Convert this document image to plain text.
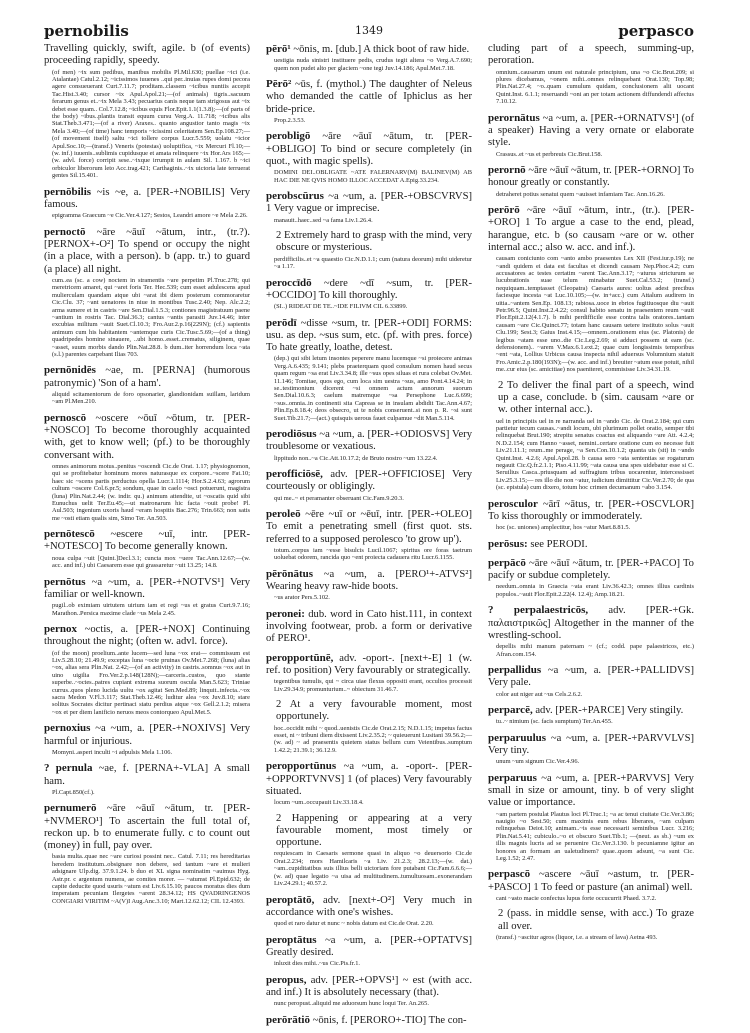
pernobilis	1349	perpasco

Travelling quickly, swift, agile. b (of events) proceeding rapidly, speedy.

(of men) ~ix sum pedibus, manibus mobilis Pl.Mil.630; puellae ~ici (i.e. Atalantae) Catul.2.12; ~icissimos iuuenes ..qui per..inuias rupes domi pecora agere consueuerant Curt.7.11.7; proditam..classem ~icibus nuntiis accepit Tac.Hist.3.40; cursor ~ix Apul.Apol.21;—(of animals) tigris..sacuum ferarum genus et..~ix Mela 3.43; pecuarius canis neque tam strigosus aut ~ix debet esse quam.. Col.7.12.8; ~icibus equis Flor.Epit.1.1(1.3.8);—(of parts of the body) ~ibus..plantis transit equum cursu Verg.A. 11.718; ~icibus alis Stat.Theb.3.471;—(of a river) Araxes.. quanto angustior tanto magis ~ix Mela 3.40;—(of time) hanc temporis ~icissimi celeritatem Sen.Ep.108.27;—(of movement itself) saltu ~ici tollere corpus Lucr.5.559; uolatu ~icior Apul.Soc.10;—(transf.) Veneris (potestas) uoluptifica, ~ix Mercuri Fl.10;—(w. inf.) iuuenis..sublimis cupidusque et amata relinquere ~ix Hor.Ars 165;—(w. advl. force) corripit sese..~ixque irrumpit in aulam Sil. 1.167. b ~ici orbiculor liberorum leto Acc.trag.421; Carthaginis..~ix uictoria late terruerat gentes Sil.15.401.

pernōbilis ~is ~e, a. [PER-+NOBILIS] Very famous.

epigramma Graecum ~e Cic.Ver.4.127; Sestos, Leandri amore ~e Mela 2.26.

pernoctō ~āre ~āuī ~ātum, intr., (tr.?). [PERNOX+-O²] To spend or occupy the night (in a place, with a person). b (app. tr.) to guard (a place) all night.

cum..ea (sc. a cow) noctem in stramentis ~are perpetim Pl.Truc.278; qui meretricem amaret, qui ~aret foris Ter. Hec.539; cum esset adulescens apud mulierculam quandam atque ubi ~arat ibi diem posterum commoraretur Cic.Clu. 37; ~ant uenatores in niue in montibus Tusc.2.40; Nep. Alc.2.2; arma sumere et in castris ~are Sen.Dial.1.5.3; contiones magistratuum paene ~antium in rostris Tac. Dial.36.3; cantus ~antis parasiti Juv.14.46; inter excubias militum ~auit Suet.Cl.10.3; Fro.Aur.2.p.16(229N); (cf.) sapientis animum cum his habitantem ~antemque curis Cic.Tusc.5.69;—(of a thing) quadripedes homine sinauere, ..ubi homo..esset..crematus, siliginem, quae ~asset, suum morbis dando Plin.Nat.28.8. b dum..iter horrendum loca ~ata (s.l.) parentes carpebant Ilias 703.

pernōnidēs ~ae, m. [PERNA] (humorous patronymic) 'Son of a ham'.

aliquid scitamentorum de foro opsonarier, glandionidam suillam, laridum ~am Pl.Men.210.

pernoscō ~oscere ~ōuī ~ōtum, tr. [PER-+NOSCO] To become thoroughly acquainted with, get to know well; (pf.) to be thoroughly conversant with.

omnes animorum motus..penitus ~oscendi Cic.de Orat. 1.17; physiognomon, qui se profitebatur hominum mores naturasque ex corpore..~scere Fat.10; haec sic ~scens partis perductus opella Lucr.1.1114; Hor.S.2.4.63; agrorum cultum ~oscere Col.6.pr.5; sondum, quae in caelo ~osci potuerunt, magistra (luna) Plin.Nat.2.44; (w. indir. qu.) animum attendite, ut ~oscatis quid sibi Eunuchus uelit Ter.Eu.45;—ut matronarum hic facta ~ouit probe! Pl. Aul.503; ingenium uxoris haud ~eram hospitis Bac.276; Trin.663; non satis me ~osti etiam qualis sim, Simo Ter. An.503.

pernōtescō ~escere ~uī, intr. [PER-+NOTESCO] To become generally known.

noua culpa ~uit [Quint.]Decl.3.1; cuncta mox ~uere Tac.Ann.12.67;—(w. acc. and inf.) ubi Caesarem esse qui grassaretur ~uit 13.25; 14.8.

pernōtus ~a ~um, a. [PER-+NOTVS¹] Very familiar or well-known.

pugil..ob eximiam uirtutem uirium iam et regi ~us et gratus Curt.9.7.16; Marathon..Persica maxime clade ~us Mela 2.45.

pernox ~octis, a. [PER-+NOX] Continuing throughout the night; (often w. advl. force).

(of the moon) proelium..ante lucem—sed luna ~ox erat— commissum est Liv.5.28.10; 21.49.9; exceptas luna ~octe pruinas Ov.Met.7.268; (luna) alias ~ox, alias sera Plin.Nat. 2.42;—(of an activity) in castris..somnus ~ox aut in uino uigilia Fro.Ver.2.p.148(128N);—carceris..custos, quo stante superbe..~octes..patres cupiant extrema suorum oscula Man.5.623; Triniae currus..quos pleno lucida uultu ~ox agitat Sen.Med.89; linquit..infecta..~ox sacra Medon V.Fl.3.117; Stat.Theb.12.46; luditur alea ~ox Juv.8.10; stare solitus Socrates dicitur pertinaci statu perdius atque ~ox Gell.2.1.2; misera ~ox et per diem lanificio neruos meos contorqueo Apul.Met.5.

pernoxius ~a ~um, a. [PER-+NOXIVS] Very harmful or injurious.

Momyni..asperi inculti ~i adpulsis Mela 1.106.

? pernula ~ae, f. [PERNA+-VLA] A small ham.

Pl.Capt.850(cf.).

pernumerō ~āre ~āuī ~ātum, tr. [PER-+NVMERO¹] To ascertain the full total of, reckon up. b to enumerate fully. c to count out (money) in full, pay over.

basia multa..quae nec ~are curiosi possint nec.. Catul. 7.11; res hereditarias heredem institutum..obsignare non debere, sed tantum ~are et mulieri adsignare Ulp.dig. 37.9.1.24. b duo et XL signa nominatim ~auimus Hyg. Astr.pr. c argentum numera, ae comites morer. — ~atumst Pl.Epid.632; de capite deducite quod usuris ~atum est Liv.6.15.10; paucos moratus dies dum imperatam pecuniam Ilergetes ~arent 28.34.12; HS QVADRINGENOS CONGIARI VIRITIM ~A(V)I Aug.Anc.3.10; Mart.12.62.12; CIL 12.4393.

pērō¹ ~ōnis, m. [dub.] A thick boot of raw hide.

uestigia nuda sinistri instituere pedis, crudus tegit altera ~o Verg.A.7.690; quem non pudet alto per glaciem ~one tegi Juv.14.186; Apul.Met.7.18.

Pērō² ~ūs, f. (mythol.) The daughter of Neleus who demanded the cattle of Iphiclus as her bride-price.

Prop.2.3.53.

perobligō ~āre ~āuī ~ātum, tr. [PER-+OBLIGO] To bind or secure completely (in quot., with magic spells).

DOMINI DEI..OBLIGATE ~ATE FALERNARV(M) BALINEV(M) AB HAC DIE NE QVIS HOMO ILLOC ACCEDAT A.Epig.33.234.

perobscūrus ~a ~um, a. [PER-+OBSCVRVS] 1 Very vague or imprecise.

manauit..haec..sed ~a fama Liv.1.26.4.

2 Extremely hard to grasp with the mind, very obscure or mysterious.

perdifficilis..et ~a quaestio Cic.N.D.1.1; cum (natura deorum) mihi uideretur ~a 1.17.

peroccīdō ~dere ~dī ~sum, tr. [PER-+OCCIDO] To kill thoroughly.

(SI..) RIDEAT DE TE..~IDE FILIVM CIL 6.33899.

perōdī ~disse ~sum, tr. [PER-+ODI] FORMS: usu. as dep. ~sus sum, etc. (pf. with pres. force) To hate greatly, loathe, detest.

(dep.) qui sibi letum insontes peperere manu lucemque ~si proiecere animas Verg.A.6.435; 9.141; plebs praeterquam quod consulum nomen haud secus quam regum ~sa erat Liv.3.34.8; ille ~sus opes siluas et rura colebat Ov.Met. 11.146; Tomitae, quos ego, cum loca sim uestra ~sus, amo Pont.4.14.24; in se..testimonium dicerent ~si omnem actum annorum suorum Sen.Dial.10.6.3; caelum matremque ~sa Persephone Luc.6.699; ~sus..omnia..in continenti sita Capreas se in insulam abdidit Tac.Ann.4.67; Plin.Ep.8.18.4; deos obsecro, ut te nobis conseruent..si non p. R. ~si sunt Suet.Tib.21.7;—(act.) quisquis uerous fauet culpamue ~dit Man.5.114.

perodiōsus ~a ~um, a. [PER-+ODIOSVS] Very troublesome or vexatious.

lippitudo non..~a Cic.Att.10.17.2; de Bruto nostro ~um 13.22.4.

perofficiōsē, adv. [PER-+OFFICIOSE] Very courteously or obligingly.

qui me..~ et peramanter obseruant Cic.Fam.9.20.3.

peroleō ~ēre ~uī or ~ēuī, intr. [PER-+OLEO] To emit a penetrating smell (first quot. sts. referred to a supposed perolesco 'to grow up').

totum..corpus iam ~esse bisulcis Lucil.1067; spiritus ore foras taetrum uoluebat odorem, rancida quo ~ent proiecta cadauera ritu Lucr.6.1155.

pērōnātus ~a ~um, a. [PERO¹+-ATVS²] Wearing heavy raw-hide boots.

~us arator Pers.5.102.

peronei: dub. word in Cato hist.111, in context involving footwear, prob. a form or derivative of PERO¹.

peropportūnē, adv. -oport-. [next+-E] 1 (w. ref. to position) Very favourably or strategically.

tegentibus tumulis, qui ~ circa uiae flexus oppositi erant, occultos processit Liv.29.34.9; promunturium..~ obiectum 31.46.7.

2 At a very favourable moment, most opportunely.

hoc..occidit mihi ~ quod..uenistis Cic.de Orat.2.15; N.D.1.15; impetus factus esset, ni ~ tribuni diem dixissent Liv.2.35.2; ~ quieuerunt Lusitani 39.56.2;—(w. ad) ~ ad praesentis quietem status bellum cum Veientibus..sumptum 1.42.2; 21.39.1; 36.12.9.

peropportūnus ~a ~um, a. -oport-. [PER-+OPPORTVNVS] 1 (of places) Very favourably situated.

locum ~um..occupauit Liv.33.18.4.

2 Happening or appearing at a very favourable moment, most timely or opportune.

requiescam in Caesaris sermone quasi in aliquo ~o deuersorio Cic.de Orat.2.234; mors Hamilcaris ~a Liv. 21.2.3; 28.2.13;—(w. dat.) ~am..cupiditatibus suis illius belli uictoriam fore putabant Cic.Fam.6.6.6;—(w. ad) quae legatio ~a uisa ad multitudinem..tumultuosam..exonerandam Liv.24.29.1; 40.57.2.

peroptātō, adv. [next+-O²] Very much in accordance with one's wishes.

quod et raro datur et nunc ~ nobis datum est Cic.de Orat. 2.20.

peroptātus ~a ~um, a. [PER-+OPTATVS] Greatly desired.

inluxit dies mihi..~us Cic.Pis.fr.1.

peropus, adv. [PER-+OPVS¹] ~ est (with acc. and inf.) It is absolutely necessary (that).

nunc peropust..aliquid me aduorsum hunc loqui Ter. An.265.

perōrātiō ~ōnis, f. [PERORO+-TIO] The con-

cluding part of a speech, summing-up, peroration.

omnium..causarum unum est naturale principium, una ~o Cic.Brut.209; si plures dicebamus, ~onem mihi..omnes relinquebant Orat.130; Top.98; Plin.Nat.27.4; ~o..quam cumulum quidam, conclusionem alii uocant Quint.Inst. 6.1.1; reseruandi ~oni an per totam actionem diffundendi affectus 7.10.12.

perornātus ~a ~um, a. [PER-+ORNATVS¹] (of a speaker) Having a very ornate or elaborate style.

Crassus..et ~us et perbreuis Cic.Brut.158.

perornō ~āre ~āuī ~ātum, tr. [PER-+ORNO] To honour greatly or constantly.

detraheret potius senatui quem ~auisset infamiam Tac. Ann.16.26.

perōrō ~āre ~āuī ~ātum, intr., (tr.). [PER-+ORO] 1 To argue a case to the end, plead, harangue, etc. b (so causam ~are or w. other internal acc.; also w. acc. and inf.).

causam coniciunto com ~anto ambo praesentes Lex XII (Fest.iur.p.19); ne ~andi quidem ei data est facultas et dicendi causam Nep.Phoc.4.2; cum accusatores ac testes certatim ~arent Tac.Ann.3.17; ~aturus stricturum se lucubrationis suae telum minabatur Suet.Cal.53.2; (transf.) nequiquam..temptasset (Cleopatra) Caesaris aures: uoltus adest precibus faciesque incesta ~at Luc.10.105;—(w. in+acc.) cum Attalum audirem in uitia..~antem Sen.Ep. 108.13; rabiosa..uoce in ebrios fugitiuosque diu ~auit Petr.96.5; Quint.Inst.2.4.22; consul habito senatu in praesentem reum ~auit Flor.Epit.2.12(4.1.7). b mihi perdifficile esse contra talis oratores..tantam causam ~are Cic.Quinct.77; totam hanc causam uetere instituto solus ~auit Clu.199; Sest.3; Gaius Inst.4.15;—omnem..orationem eius (sc. Platonis) de legibus ~atam esse uno..die Cic.Leg.2.69; si adduci possem ut eam (sc. defensionem).. ~arem V.Max.6.1.ext.2; quae cum longissimis temporibus ~ent ~ata, Lollius Urbicus causa inspecta nihil aduersus Volumnium statuit Fro.Amic.2.p.180(193N);—(w. acc. and inf.) breuiter ~atum esse potuit, nihil me..cur eius (sc. amicitiae) nos paeniteret, commisisse Liv.34.31.19.

2 To deliver the final part of a speech, wind up a case, conclude. b (sim. causam ~are or w. other internal acc.).

uel in principiis uel in re narranda uel in ~ando Cic. de Orat.2.184; qui cum partietur tecum causas..~andi locum, ubi plurimum pollet oratio, semper tibi relinquebat Brut.190; strepitu senatus coactus est aliquando ~are Att. 4.2.4; N.D.2.154; cum Hanno ~asset, nemini..certare oratione cum eo necesse fuit Liv.21.11.1; reum..me perage, ~a Sen.Con.10.1.2; quanta uis (sit) in ~ando Quint.Inst. 4.2.6; Apul.Apol.28. b causa sero ~ata sententias se rogaturum negauit Cic.Q.fr.2.1.1; Piso.4.11.99; ~ata causa una spes uidebatur esse si C. Seruilius Casca..priusquam ad suffragium tribus uocarentur, intercessisset Liv.25.3.15;— res illo die non ~atur, iudicium dimittitur Cic.Ver.2.70; de qua (sc. epistula) cum dixero, totum hoc crimen decumanum ~abo 3.154.

perosculor ~ārī ~ātus, tr. [PER-+OSCVLOR] To kiss thoroughly or immoderately.

hoc (sc. uniones) amplectitur, hos ~atur Mart.8.81.5.

perōsus: see PERODI.

perpācō ~āre ~āuī ~ātum, tr. [PER-+PACO] To pacify or subdue completely.

needum..omnia in Graecia ~ata erant Liv.36.42.3; omnes illius cardinis populos..~auit Flor.Epit.2.22(4. 12.4); Amp.18.21.

? perpalaestricōs, adv. [PER-+Gk. παλαιστρικῶς] Altogether in the manner of the wrestling-school.

depellis mihi manum paternam ~ (cf.; codd. pape palaestricos, etc.) Afran.com.154.

perpallidus ~a ~um, a. [PER-+PALLIDVS] Very pale.

color aut niger aut ~us Cels.2.6.2.

perparcē, adv. [PER-+PARCE] Very stingily.

tu..~ nimium (sc. facis sumptum) Ter.An.455.

perparuulus ~a ~um, a. [PER-+PARVVLVS] Very tiny.

unum ~um signum Cic.Ver.4.96.

perparuus ~a ~um, a. [PER-+PARVVS] Very small in size or amount, tiny. b of very slight value or importance.

~am partem postulat Plautus loci Pl.Truc.1; ~a ac tenui ciuitate Cic.Ver.3.86; nauigio ~o Sest.50; cum maximis eum rebus liberares, ~am culpam relinquebas Deiot.10; animam..~is esse necessarii seminibus Lucr. 3.216; Plin.Nat.5.41; cubiculo..~o et obscuro Suet.Tib.1; —(neut. as sb.) ~um ex illis magnis lucris ad se peruenire Cic.Ver.3.130. b pecuniamne igitur an honores an formam an ualetudinem? quae..quom adsunt, ~a sunt Cic. Leg.1.52; 2.47.

perpascō ~ascere ~āuī ~astum, tr. [PER-+PASCO] 1 To feed or pasture (an animal) well.

cani ~asto macie confectus lupus forte occucurrit Phaed. 3.7.2.

2 (pass. in middle sense, with acc.) To graze all over.

(transf.) ~ascitur agros (liquor, i.e. a stream of lava) Aetna 493.
